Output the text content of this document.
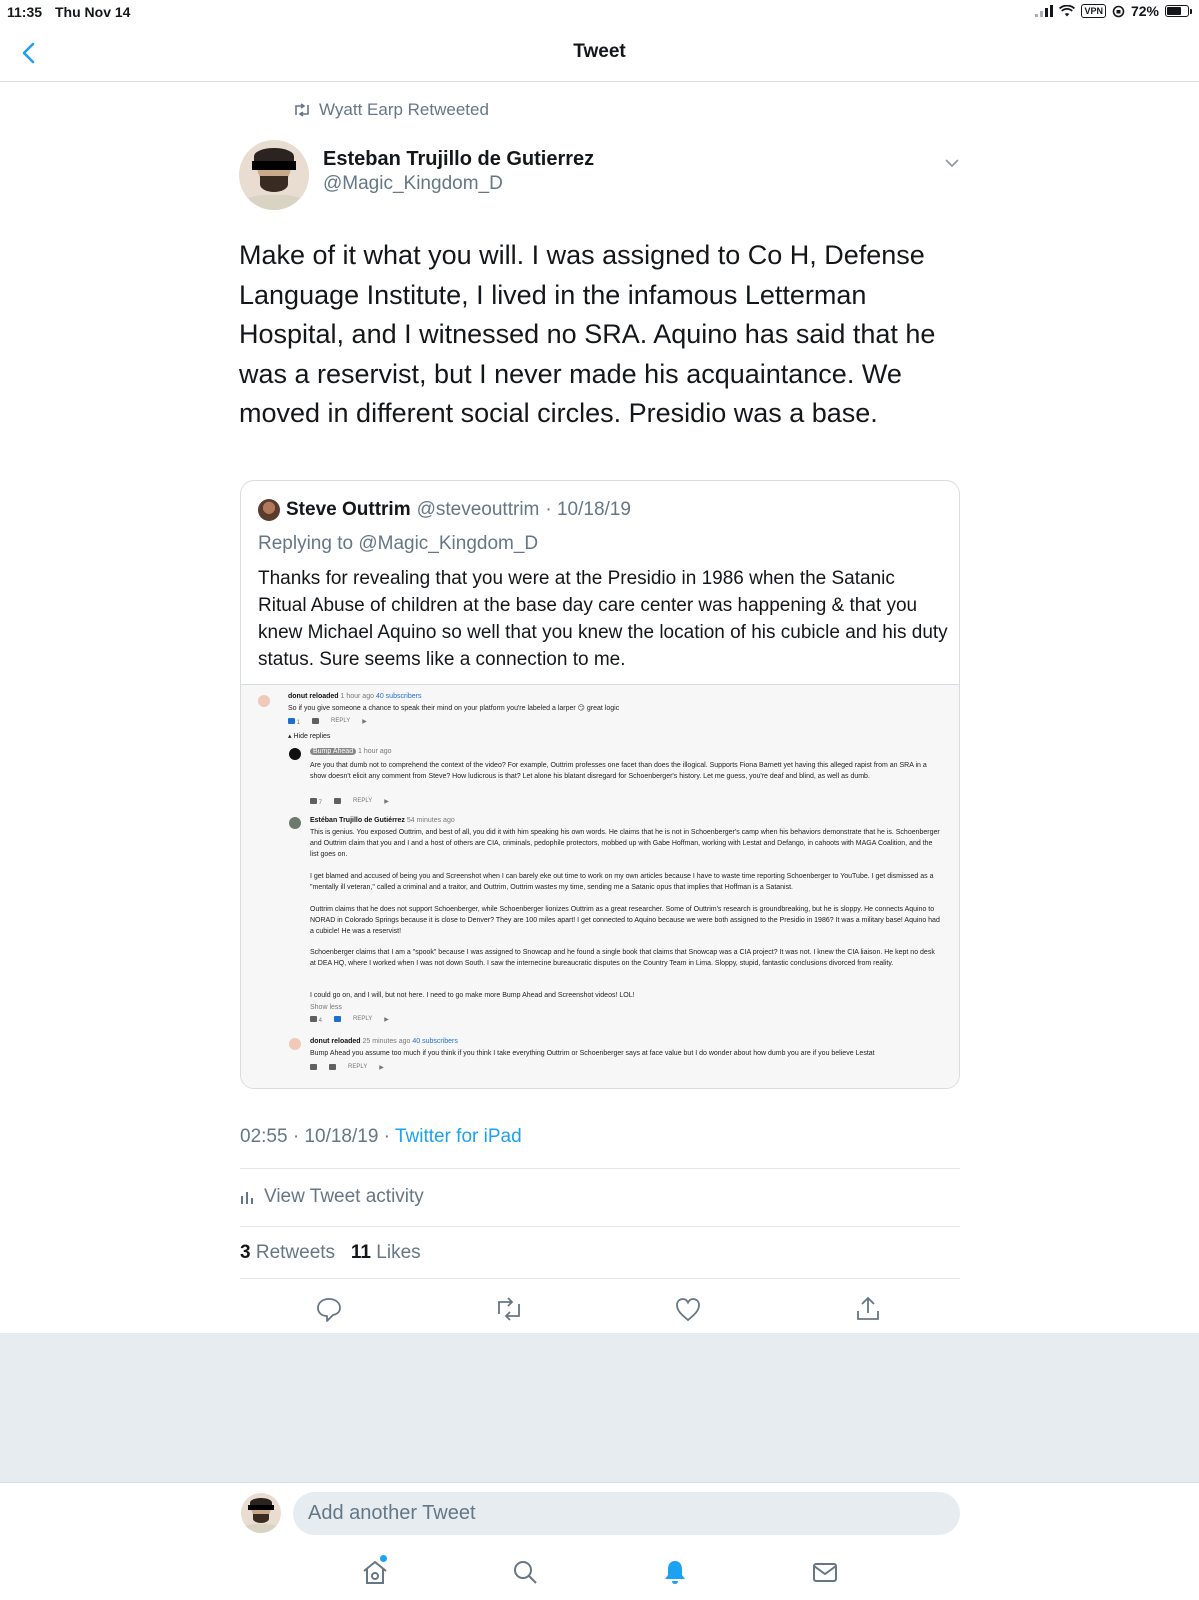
11:35 Thu Nov 14	VPN 72%
Tweet
Wyatt Earp Retweeted
Esteban Trujillo de Gutierrez
@Magic_Kingdom_D
Make of it what you will. I was assigned to Co H, Defense Language Institute, I lived in the infamous Letterman Hospital, and I witnessed no SRA. Aquino has said that he was a reservist, but I never made his acquaintance. We moved in different social circles. Presidio was a base.
Steve Outtrim @steveouttrim · 10/18/19
Replying to @Magic_Kingdom_D
Thanks for revealing that you were at the Presidio in 1986 when the Satanic Ritual Abuse of children at the base day care center was happening & that you knew Michael Aquino so well that you knew the location of his cubicle and his duty status. Sure seems like a connection to me.
donut reloaded 1 hour ago 40 subscribers
So if you give someone a chance to speak their mind on your platform you're labeled a larper 😏 great logic
1	REPLY ▶
▴ Hide replies
Bump Ahead 1 hour ago
Are you that dumb not to comprehend the context of the video? For example, Outtrim professes one facet than does the illogical. Supports Fiona Barnett yet having this alleged rapist from an SRA in a show doesn't elicit any comment from Steve? How ludicrous is that? Let alone his blatant disregard for Schoenberger's history. Let me guess, you're deaf and blind, as well as dumb.
7	REPLY ▶
Estéban Trujillo de Gutiérrez 54 minutes ago
This is genius. You exposed Outtrim, and best of all, you did it with him speaking his own words. He claims that he is not in Schoenberger's camp when his behaviors demonstrate that he is. Schoenberger and Outtrim claim that you and I and a host of others are CIA, criminals, pedophile protectors, mobbed up with Gabe Hoffman, working with Lestat and Defango, in cahoots with MAGA Coalition, and the list goes on.
I get blamed and accused of being you and Screenshot when I can barely eke out time to work on my own articles because I have to waste time reporting Schoenberger to YouTube. I get dismissed as a "mentally ill veteran," called a criminal and a traitor, and Outtrim, Outtrim wastes my time, sending me a Satanic opus that implies that Hoffman is a Satanist.
Outtrim claims that he does not support Schoenberger, while Schoenberger lionizes Outtrim as a great researcher. Some of Outtrim's research is groundbreaking, but he is sloppy. He connects Aquino to NORAD in Colorado Springs because it is close to Denver? They are 100 miles apart! I get connected to Aquino because we were both assigned to the Presidio in 1986? It was a military base! Aquino had a cubicle! He was a reservist!
Schoenberger claims that I am a "spook" because I was assigned to Snowcap and he found a single book that claims that Snowcap was a CIA project? It was not. I knew the CIA liaison. He kept no desk at DEA HQ, where I worked when I was not down South. I saw the internecine bureaucratic disputes on the Country Team in Lima. Sloppy, stupid, fantastic conclusions divorced from reality.
I could go on, and I will, but not here. I need to go make more Bump Ahead and Screenshot videos! LOL!
Show less
4	REPLY ▶
donut reloaded 25 minutes ago 40 subscribers
Bump Ahead you assume too much if you think if you think I take everything Outtrim or Schoenberger says at face value but I do wonder about how dumb you are if you believe Lestat
REPLY ▶
02:55 · 10/18/19 · Twitter for iPad
View Tweet activity
3 Retweets 11 Likes
Add another Tweet
